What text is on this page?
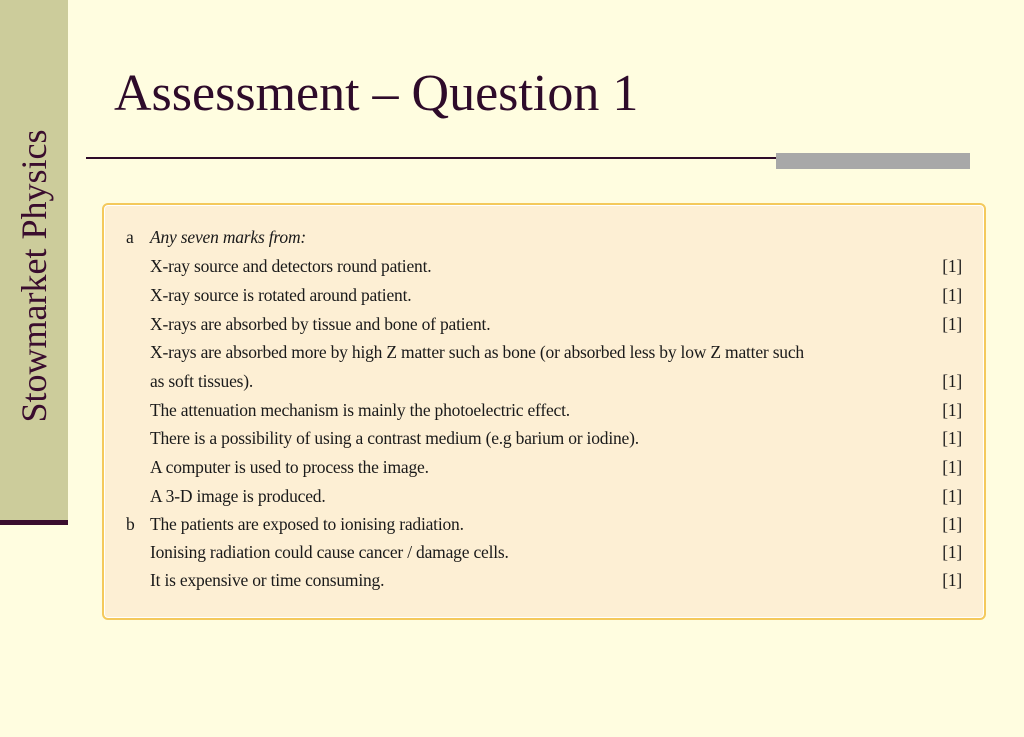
Stowmarket Physics
Assessment – Question 1
a Any seven marks from:
X-ray source and detectors round patient.	[1]
X-ray source is rotated around patient.	[1]
X-rays are absorbed by tissue and bone of patient.	[1]
X-rays are absorbed more by high Z matter such as bone (or absorbed less by low Z matter such
as soft tissues).	[1]
The attenuation mechanism is mainly the photoelectric effect.	[1]
There is a possibility of using a contrast medium (e.g barium or iodine).	[1]
A computer is used to process the image.	[1]
A 3-D image is produced.	[1]
b The patients are exposed to ionising radiation.	[1]
Ionising radiation could cause cancer / damage cells.	[1]
It is expensive or time consuming.	[1]
